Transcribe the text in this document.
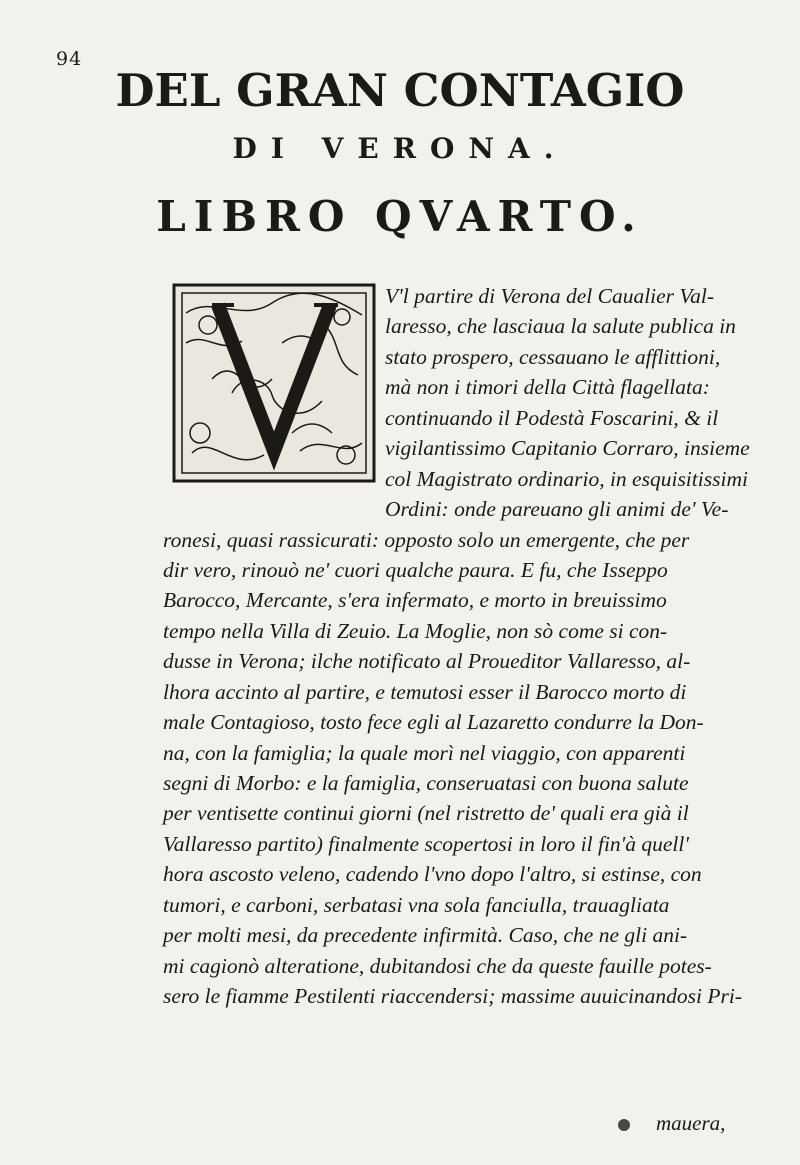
94
DEL GRAN CONTAGIO
DI VERONA.
LIBRO QVARTO.
V'l partire di Verona del Caualier Val-
laresso, che lasciaua la salute publica in
stato prospero, cessauano le afflittioni,
mà non i timori della Città flagellata:
continuando il Podestà Foscarini, & il
vigilantissimo Capitanio Corraro, insieme
col Magistrato ordinario, in esquisitissimi
Ordini: onde pareuano gli animi de' Ve-
ronesi, quasi rassicurati: opposto solo un emergente, che per
dir vero, rinouò ne' cuori qualche paura. E fu, che Isseppo
Barocco, Mercante, s'era infermato, e morto in breuissimo
tempo nella Villa di Zeuio. La Moglie, non sò come si con-
dusse in Verona; ilche notificato al Proueditor Vallaresso, al-
lhora accinto al partire, e temutosi esser il Barocco morto di
male Contagioso, tosto fece egli al Lazaretto condurre la Don-
na, con la famiglia; la quale morì nel viaggio, con apparenti
segni di Morbo: e la famiglia, conseruatasi con buona salute
per ventisette continui giorni (nel ristretto de' quali era già il
Vallaresso partito) finalmente scopertosi in loro il fin'à quell'
hora ascosto veleno, cadendo l'vno dopo l'altro, si estinse, con
tumori, e carboni, serbatasi vna sola fanciulla, trauagliata
per molti mesi, da precedente infirmità. Caso, che ne gli ani-
mi cagionò alteratione, dubitandosi che da queste fauille potes-
sero le fiamme Pestilenti riaccendersi; massime auuicinandosi Pri-
mauera,
